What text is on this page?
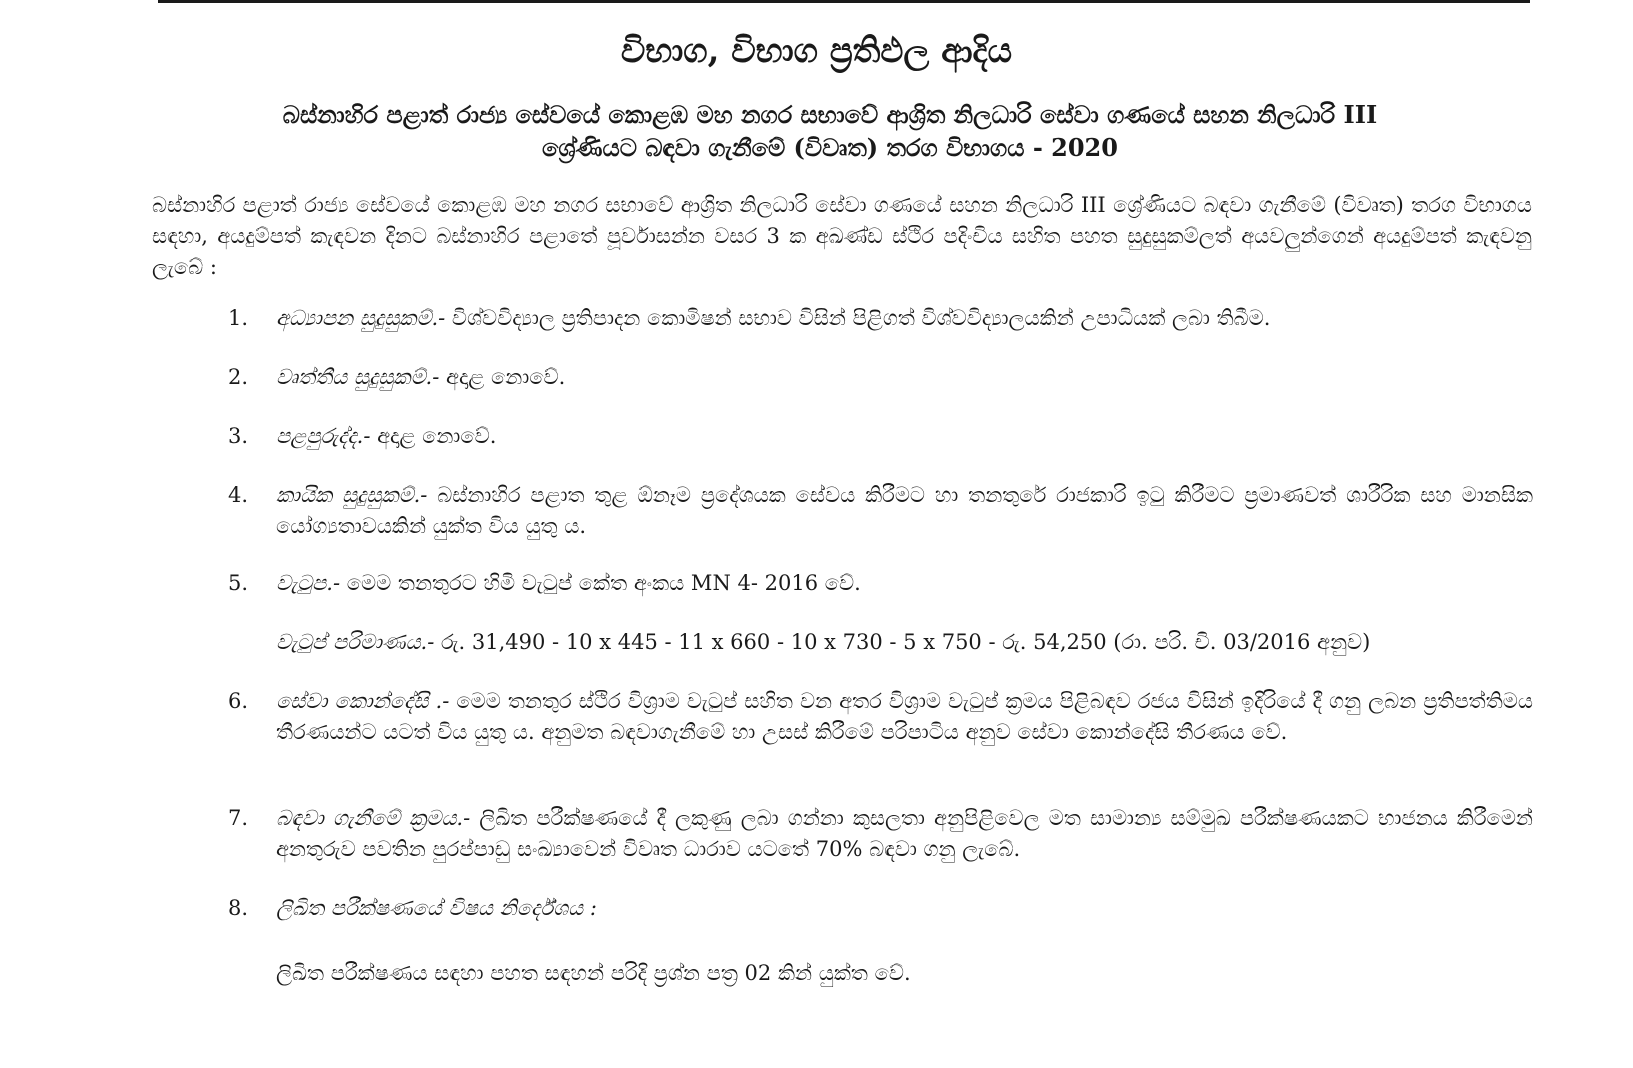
විභාග, විභාග ප්‍රතිඵල ආදිය
බස්නාහිර පළාත් රාජ්‍ය සේවයේ කොළඹ මහ නගර සභාවේ ආශ්‍රිත නිලධාරි සේවා ගණයේ සහන නිලධාරි III
ශ්‍රේණියට බඳවා ගැනීමේ (විවෘත) තරග විභාගය - 2020
බස්නාහිර පළාත් රාජ්‍ය සේවයේ කොළඹ මහ නගර සභාවේ ආශ්‍රිත නිලධාරි සේවා ගණයේ සහන නිලධාරි III ශ්‍රේණියට බඳවා ගැනීමේ (විවෘත) තරග විභාගය සඳහා, අයදුම්පත් කැඳවන දිනට බස්නාහිර පළාතේ පූර්වාසන්න වසර 3 ක අඛණ්ඩ ස්ථිර පදිංචිය සහිත පහත සුදුසුකම්ලත් අයවලුන්ගෙන් අයදුම්පත් කැඳවනු ලැබේ :
1.	අධ්‍යාපන සුදුසුකම්.- විශ්වවිද්‍යාල ප්‍රතිපාදන කොමිෂන් සභාව විසින් පිළිගත් විශ්වවිද්‍යාලයකින් උපාධියක් ලබා තිබීම.
2.	වෘත්තීය සුදුසුකම්.- අදාළ නොවේ.
3.	පළපුරුද්ද.- අදාළ නොවේ.
4.	කායික සුදුසුකම්.- බස්නාහිර පළාත තුළ ඕනෑම ප්‍රදේශයක සේවය කිරීමට හා තනතුරේ රාජකාරි ඉටු කිරීමට ප්‍රමාණවත් ශාරීරික සහ මානසික යෝග්‍යතාවයකින් යුක්ත විය යුතු ය.
5.	වැටුප.- මෙම තනතුරට හිමි වැටුප් කේත අංකය MN 4- 2016 වේ.
වැටුප් පරිමාණය.- රු. 31,490 - 10 x 445 - 11 x 660 - 10 x 730 - 5 x 750 - රු. 54,250 (රා. පරි. චි. 03/2016 අනුව)
6.	සේවා කොන්දේසි .- මෙම තනතුර ස්ථිර විශ්‍රාම වැටුප් සහිත වන අතර විශ්‍රාම වැටුප් ක්‍රමය පිළිබඳව රජය විසින් ඉදිරියේ දී ගනු ලබන ප්‍රතිපත්තිමය තීරණයන්ට යටත් විය යුතු ය. අනුමත බඳවාගැනීමේ හා උසස් කිරීමේ පරිපාටිය අනුව සේවා කොන්දේසි තීරණය වේ.
7.	බඳවා ගැනීමේ ක්‍රමය.- ලිඛිත පරීක්ෂණයේ දී ලකුණු ලබා ගන්නා කුසලතා අනුපිළිවෙල මත සාමාන්‍ය සම්මුඛ පරීක්ෂණයකට භාජනය කිරීමෙන් අනතුරුව පවතින පුරප්පාඩු සංඛ්‍යාවෙන් විවෘත ධාරාව යටතේ 70% බඳවා ගනු ලැබේ.
8.	ලිඛිත පරීක්ෂණයේ විෂය නිර්දේශය :
ලිඛිත පරීක්ෂණය සඳහා පහත සඳහන් පරිදි ප්‍රශ්න පත්‍ර 02 කින් යුක්ත වේ.
